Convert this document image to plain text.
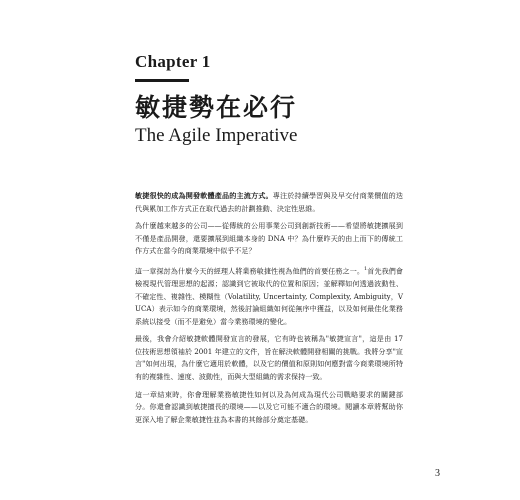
Chapter 1
敏捷勢在必行
The Agile Imperative

敏捷很快的成為開發軟體產品的主流方式。專注於持續學習與及早交付商業價值的迭代與累加工作方式正在取代過去的計劃推動、決定性思維。

為什麼越來越多的公司——從傳統的公用事業公司到創新技術——希望將敏捷擴展到不僅是產品開發，還要擴展到組織本身的 DNA 中？為什麼昨天的由上而下的傳統工作方式在當今的商業環境中似乎不足？

這一章探討為什麼今天的經理人將業務敏捷性視為他們的首要任務之一。$^1$首先我們會檢視現代管理思想的起源；認識到它被取代的位置和原因；並解釋如何透過波動性、不確定性、複雜性、模糊性（Volatility, Uncertainty, Complexity, Ambiguity，VUCA）表示如今的商業環境，然後討論組織如何從無序中獲益，以及如何最佳化業務系統以接受（而不是避免）當今業務環境的變化。

最後，我會介紹敏捷軟體開發宣言的發展，它有時也被稱為"敏捷宣言"，這是由 17 位技術思想領袖於 2001 年建立的文件，旨在解決軟體開發相關的挑戰。我將分享"宣言"如何出現，為什麼它適用於軟體，以及它的價值和原則如何應對當今商業環境所特有的複雜性、速度、波動性，而與大型組織的需求保持一致。

這一章結束時，你會理解業務敏捷性如何以及為何成為現代公司戰略要求的關鍵部分。你還會認識到敏捷擅長的環境——以及它可能不適合的環境。閱讀本章將幫助你更深入地了解企業敏捷性並為本書的其餘部分奠定基礎。

3
